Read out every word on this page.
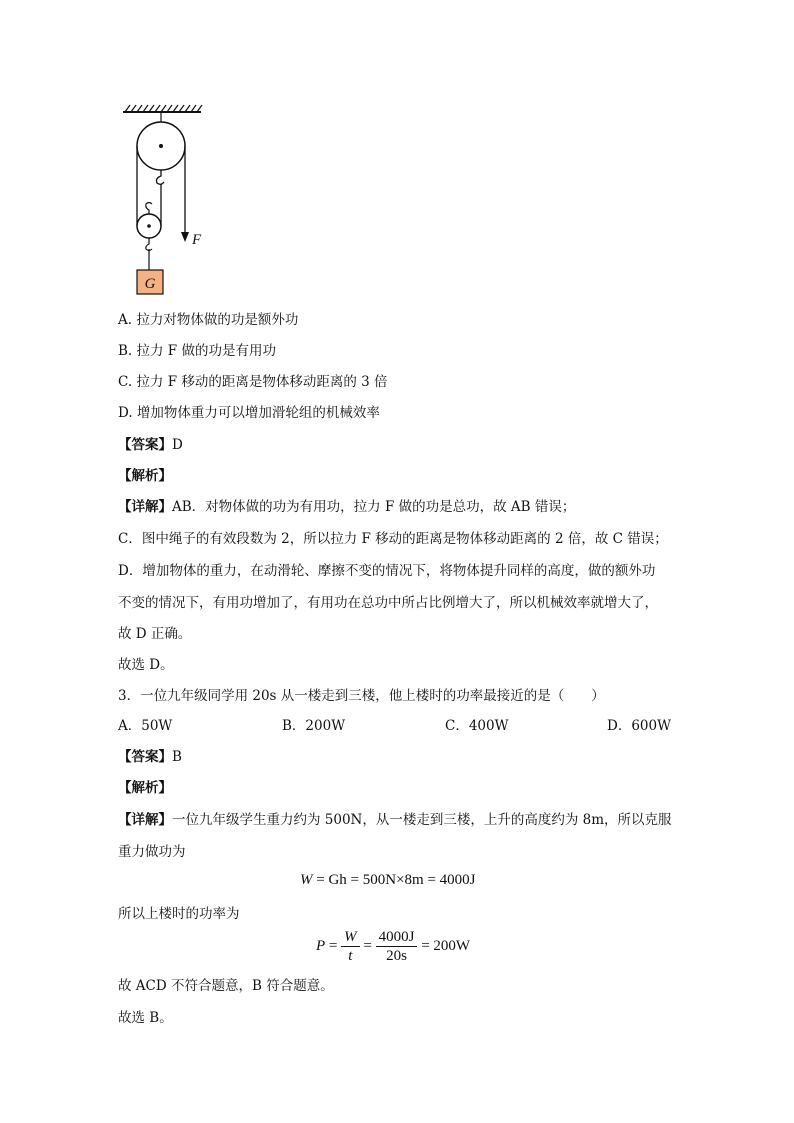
G
F
A. 拉力对物体做的功是额外功
B. 拉力 F 做的功是有用功
C. 拉力 F 移动的距离是物体移动距离的 3 倍
D. 增加物体重力可以增加滑轮组的机械效率
【答案】D
【解析】
【详解】AB．对物体做的功为有用功，拉力 F 做的功是总功，故 AB 错误；
C．图中绳子的有效段数为 2，所以拉力 F 移动的距离是物体移动距离的 2 倍，故 C 错误；
D．增加物体的重力，在动滑轮、摩擦不变的情况下，将物体提升同样的高度，做的额外功
不变的情况下，有用功增加了，有用功在总功中所占比例增大了，所以机械效率就增大了，
故 D 正确。
故选 D。
3．一位九年级同学用 20s 从一楼走到三楼，他上楼时的功率最接近的是（　　）
A．50W	B．200W	C．400W	D．600W
【答案】B
【解析】
【详解】一位九年级学生重力约为 500N，从一楼走到三楼，上升的高度约为 8m，所以克服
重力做功为
W = Gh = 500N×8m = 4000J
所以上楼时的功率为
$P = \frac{W}{t} = \frac{4000J}{20s} = 200W$
故 ACD 不符合题意，B 符合题意。
故选 B。
